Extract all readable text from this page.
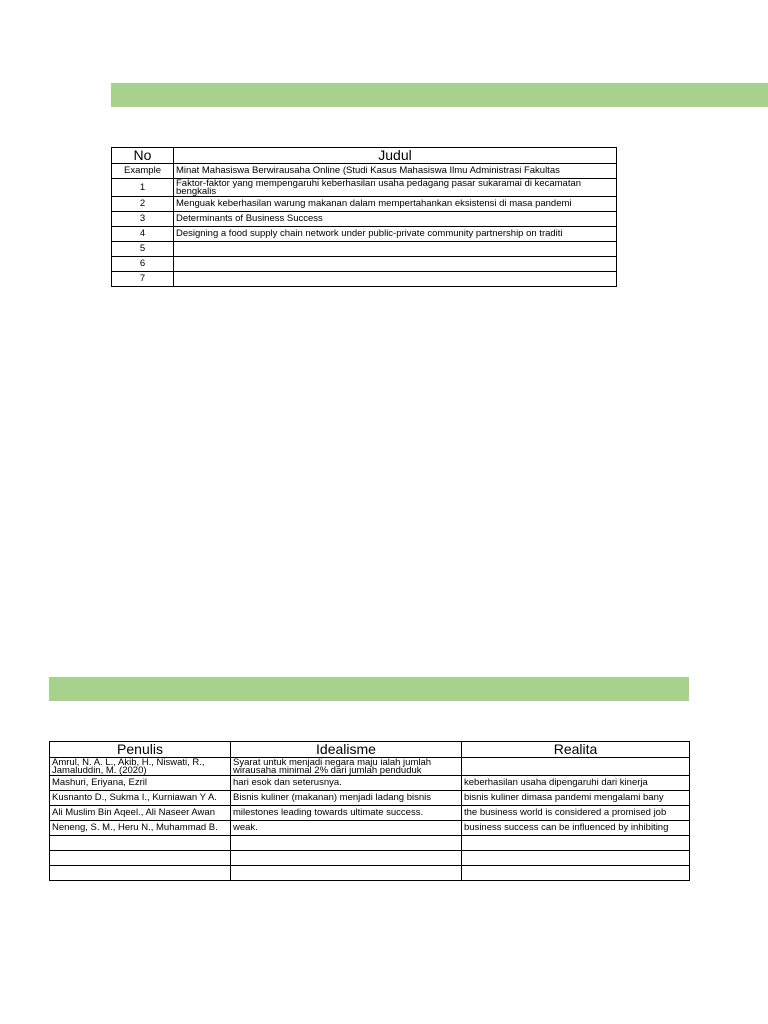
No	Judul
Example	Minat Mahasiswa Berwirausaha Online (Studi Kasus Mahasiswa Ilmu Administrasi Fakultas
1	Faktor-faktor yang mempengaruhi keberhasilan usaha pedagang pasar sukaramai di kecamatan bengkalis
2	Menguak keberhasilan warung makanan dalam mempertahankan eksistensi di masa pandemi
3	Determinants of Business Success
4	Designing a food supply chain network under public-private community partnership on traditi
5	
6	
7	
Penulis	Idealisme	Realita
Amrul, N. A. L., Akib, H., Niswati, R., Jamaluddin, M. (2020)	Syarat untuk menjadi negara maju ialah jumlah wirausaha minimal 2% dari jumlah penduduk	
Mashuri, Eriyana, Ezril	hari esok dan seterusnya.	keberhasilan usaha dipengaruhi dari kinerja
Kusnanto D., Sukma I., Kurniawan Y A.	Bisnis kuliner (makanan) menjadi ladang bisnis	bisnis kuliner dimasa pandemi mengalami bany
Ali Muslim Bin Aqeel., Ali Naseer Awan	milestones leading towards ultimate success.	the business world is considered a promised job
Neneng, S. M., Heru N., Muhammad B.	weak.	business success can be influenced by inhibiting
